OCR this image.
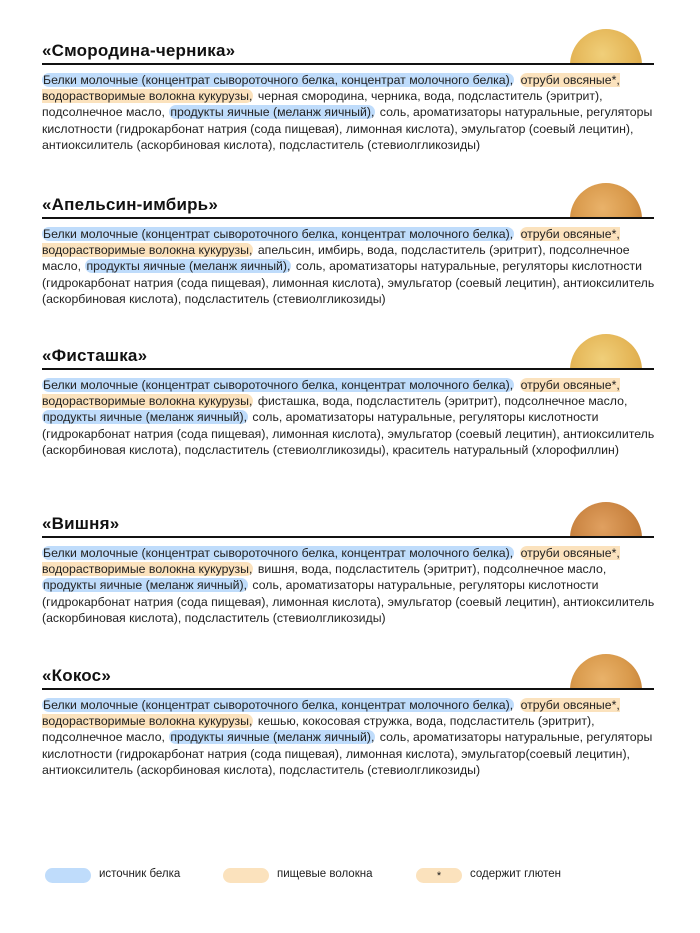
«Смородина-черника»
Белки молочные (концентрат сывороточного белка, концентрат молочного белка), отруби овсяные*, водорастворимые волокна кукурузы, черная смородина, черника, вода, подсластитель (эритрит), подсолнечное масло, продукты яичные (меланж яичный), соль, ароматизаторы натуральные, регуляторы кислотности (гидрокарбонат натрия (сода пищевая), лимонная кислота), эмульгатор (соевый лецитин), антиоксилитель (аскорбиновая кислота), подсластитель (стевиолгликозиды)
«Апельсин-имбирь»
Белки молочные (концентрат сывороточного белка, концентрат молочного белка), отруби овсяные*, водорастворимые волокна кукурузы, апельсин, имбирь, вода, подсластитель (эритрит), подсолнечное масло, продукты яичные (меланж яичный), соль, ароматизаторы натуральные, регуляторы кислотности (гидрокарбонат натрия (сода пищевая), лимонная кислота), эмульгатор (соевый лецитин), антиоксилитель (аскорбиновая кислота), подсластитель (стевиолгликозиды)
«Фисташка»
Белки молочные (концентрат сывороточного белка, концентрат молочного белка), отруби овсяные*, водорастворимые волокна кукурузы, фисташка, вода, подсластитель (эритрит), подсолнечное масло, продукты яичные (меланж яичный), соль, ароматизаторы натуральные, регуляторы кислотности (гидрокарбонат натрия (сода пищевая), лимонная кислота), эмульгатор (соевый лецитин), антиоксилитель (аскорбиновая кислота), подсластитель (стевиолгликозиды), краситель натуральный (хлорофиллин)
«Вишня»
Белки молочные (концентрат сывороточного белка, концентрат молочного белка), отруби овсяные*, водорастворимые волокна кукурузы, вишня, вода, подсластитель (эритрит), подсолнечное масло, продукты яичные (меланж яичный), соль, ароматизаторы натуральные, регуляторы кислотности (гидрокарбонат натрия (сода пищевая), лимонная кислота), эмульгатор (соевый лецитин), антиоксилитель (аскорбиновая кислота), подсластитель (стевиолгликозиды)
«Кокос»
Белки молочные (концентрат сывороточного белка, концентрат молочного белка), отруби овсяные*, водорастворимые волокна кукурузы, кешью, кокосовая стружка, вода, подсластитель (эритрит), подсолнечное масло, продукты яичные (меланж яичный), соль, ароматизаторы натуральные, регуляторы кислотности (гидрокарбонат натрия (сода пищевая), лимонная кислота), эмульгатор(соевый лецитин), антиоксилитель (аскорбиновая кислота), подсластитель (стевиолгликозиды)
источник белка	пищевые волокна	*	содержит глютен
